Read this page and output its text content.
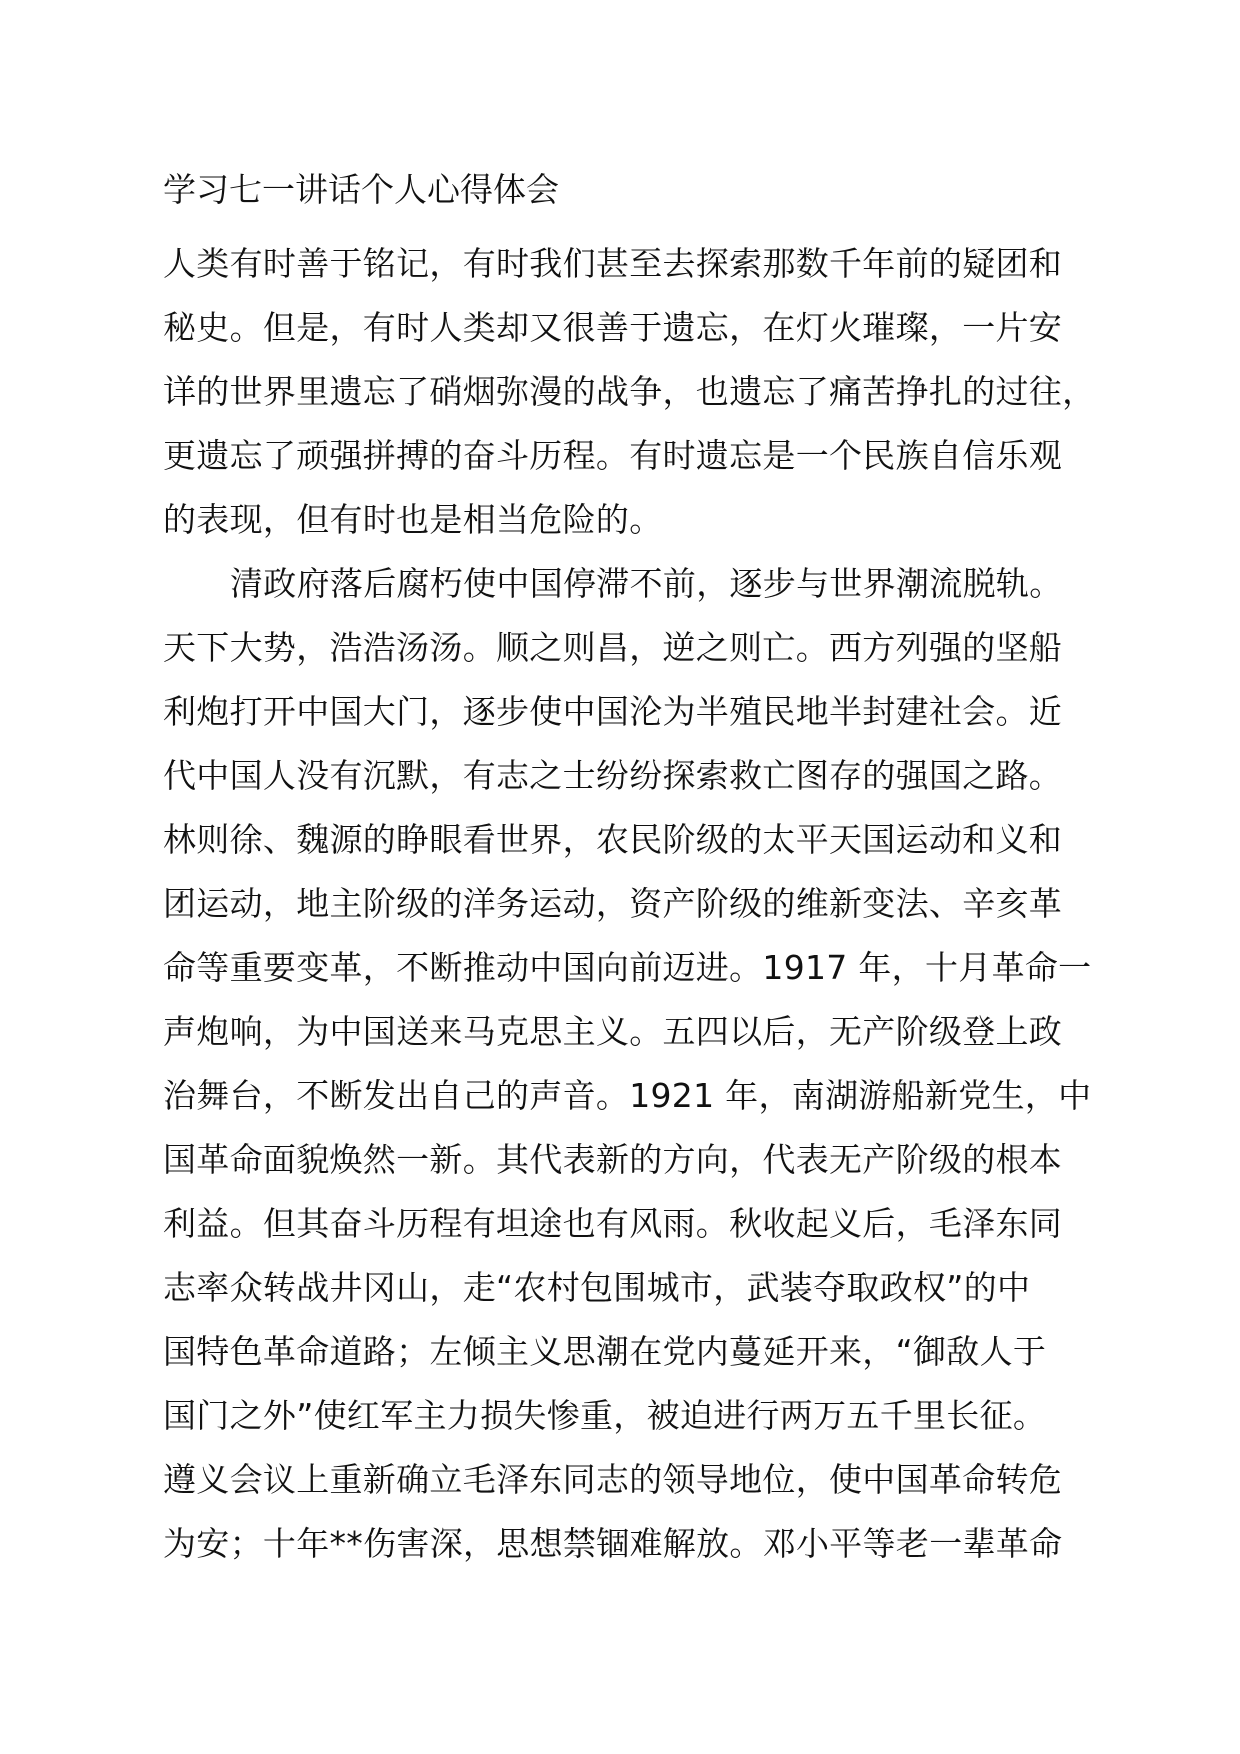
学习七一讲话个人心得体会
人类有时善于铭记，有时我们甚至去探索那数千年前的疑团和
秘史。但是，有时人类却又很善于遗忘，在灯火璀璨，一片安
详的世界里遗忘了硝烟弥漫的战争，也遗忘了痛苦挣扎的过往，
更遗忘了顽强拼搏的奋斗历程。有时遗忘是一个民族自信乐观
的表现，但有时也是相当危险的。
清政府落后腐朽使中国停滞不前，逐步与世界潮流脱轨。
天下大势，浩浩汤汤。顺之则昌，逆之则亡。西方列强的坚船
利炮打开中国大门，逐步使中国沦为半殖民地半封建社会。近
代中国人没有沉默，有志之士纷纷探索救亡图存的强国之路。
林则徐、魏源的睁眼看世界，农民阶级的太平天国运动和义和
团运动，地主阶级的洋务运动，资产阶级的维新变法、辛亥革
命等重要变革，不断推动中国向前迈进。1917 年，十月革命一
声炮响，为中国送来马克思主义。五四以后，无产阶级登上政
治舞台，不断发出自己的声音。1921 年，南湖游船新党生，中
国革命面貌焕然一新。其代表新的方向，代表无产阶级的根本
利益。但其奋斗历程有坦途也有风雨。秋收起义后，毛泽东同
志率众转战井冈山，走“农村包围城市，武装夺取政权”的中
国特色革命道路；左倾主义思潮在党内蔓延开来，“御敌人于
国门之外”使红军主力损失惨重，被迫进行两万五千里长征。
遵义会议上重新确立毛泽东同志的领导地位，使中国革命转危
为安；十年**伤害深，思想禁锢难解放。邓小平等老一辈革命
